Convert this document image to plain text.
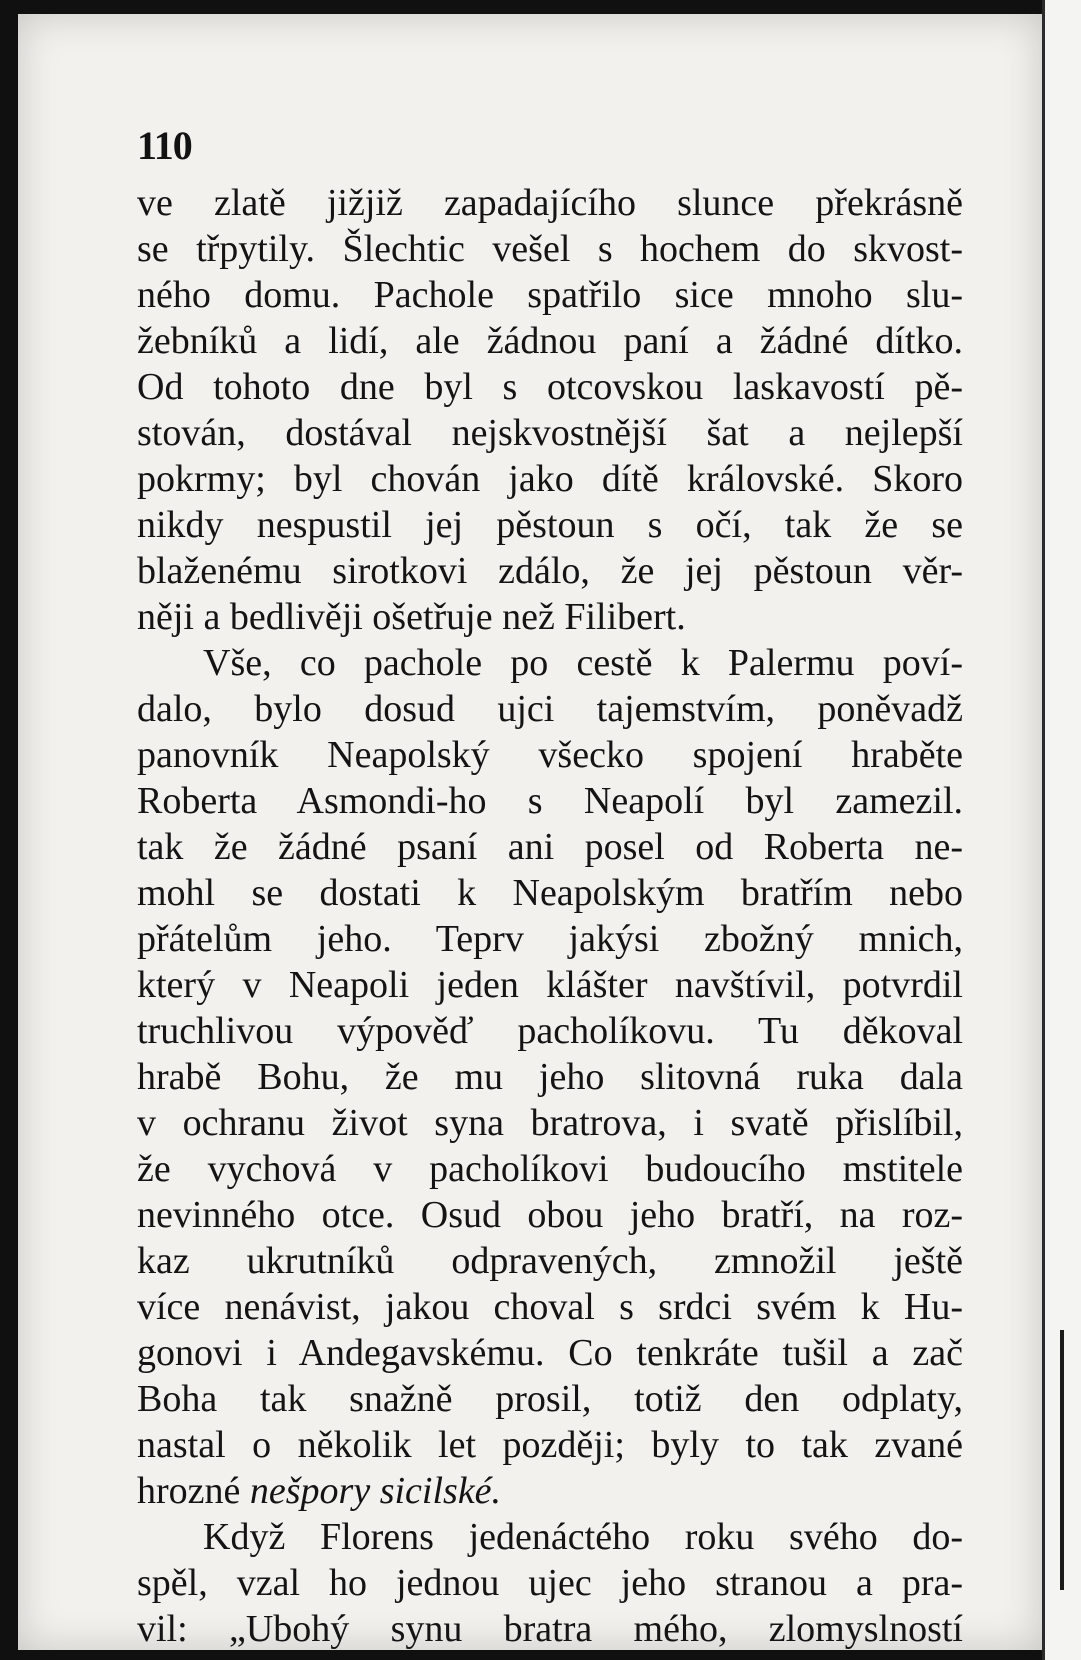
110
ve zlatě jižjiž zapadajícího slunce překrásně
se třpytily. Šlechtic vešel s hochem do skvost-
ného domu. Pachole spatřilo sice mnoho slu-
žebníků a lidí, ale žádnou paní a žádné dítko.
Od tohoto dne byl s otcovskou laskavostí pě-
stován, dostával nejskvostnější šat a nejlepší
pokrmy; byl chován jako dítě královské. Skoro
nikdy nespustil jej pěstoun s očí, tak že se
blaženému sirotkovi zdálo, že jej pěstoun věr-
něji a bedlivěji ošetřuje než Filibert.
Vše, co pachole po cestě k Palermu poví-
dalo, bylo dosud ujci tajemstvím, poněvadž
panovník Neapolský všecko spojení hraběte
Roberta Asmondi-ho s Neapolí byl zamezil.
tak že žádné psaní ani posel od Roberta ne-
mohl se dostati k Neapolským bratřím nebo
přátelům jeho. Teprv jakýsi zbožný mnich,
který v Neapoli jeden klášter navštívil, potvrdil
truchlivou výpověď pacholíkovu. Tu děkoval
hrabě Bohu, že mu jeho slitovná ruka dala
v ochranu život syna bratrova, i svatě přislíbil,
že vychová v pacholíkovi budoucího mstitele
nevinného otce. Osud obou jeho bratří, na roz-
kaz ukrutníků odpravených, zmnožil ještě
více nenávist, jakou choval s srdci svém k Hu-
gonovi i Andegavskému. Co tenkráte tušil a zač
Boha tak snažně prosil, totiž den odplaty,
nastal o několik let později; byly to tak zvané
hrozné nešpory sicilské.
Když Florens jedenáctého roku svého do-
spěl, vzal ho jednou ujec jeho stranou a pra-
vil: „Ubohý synu bratra mého, zlomyslností
